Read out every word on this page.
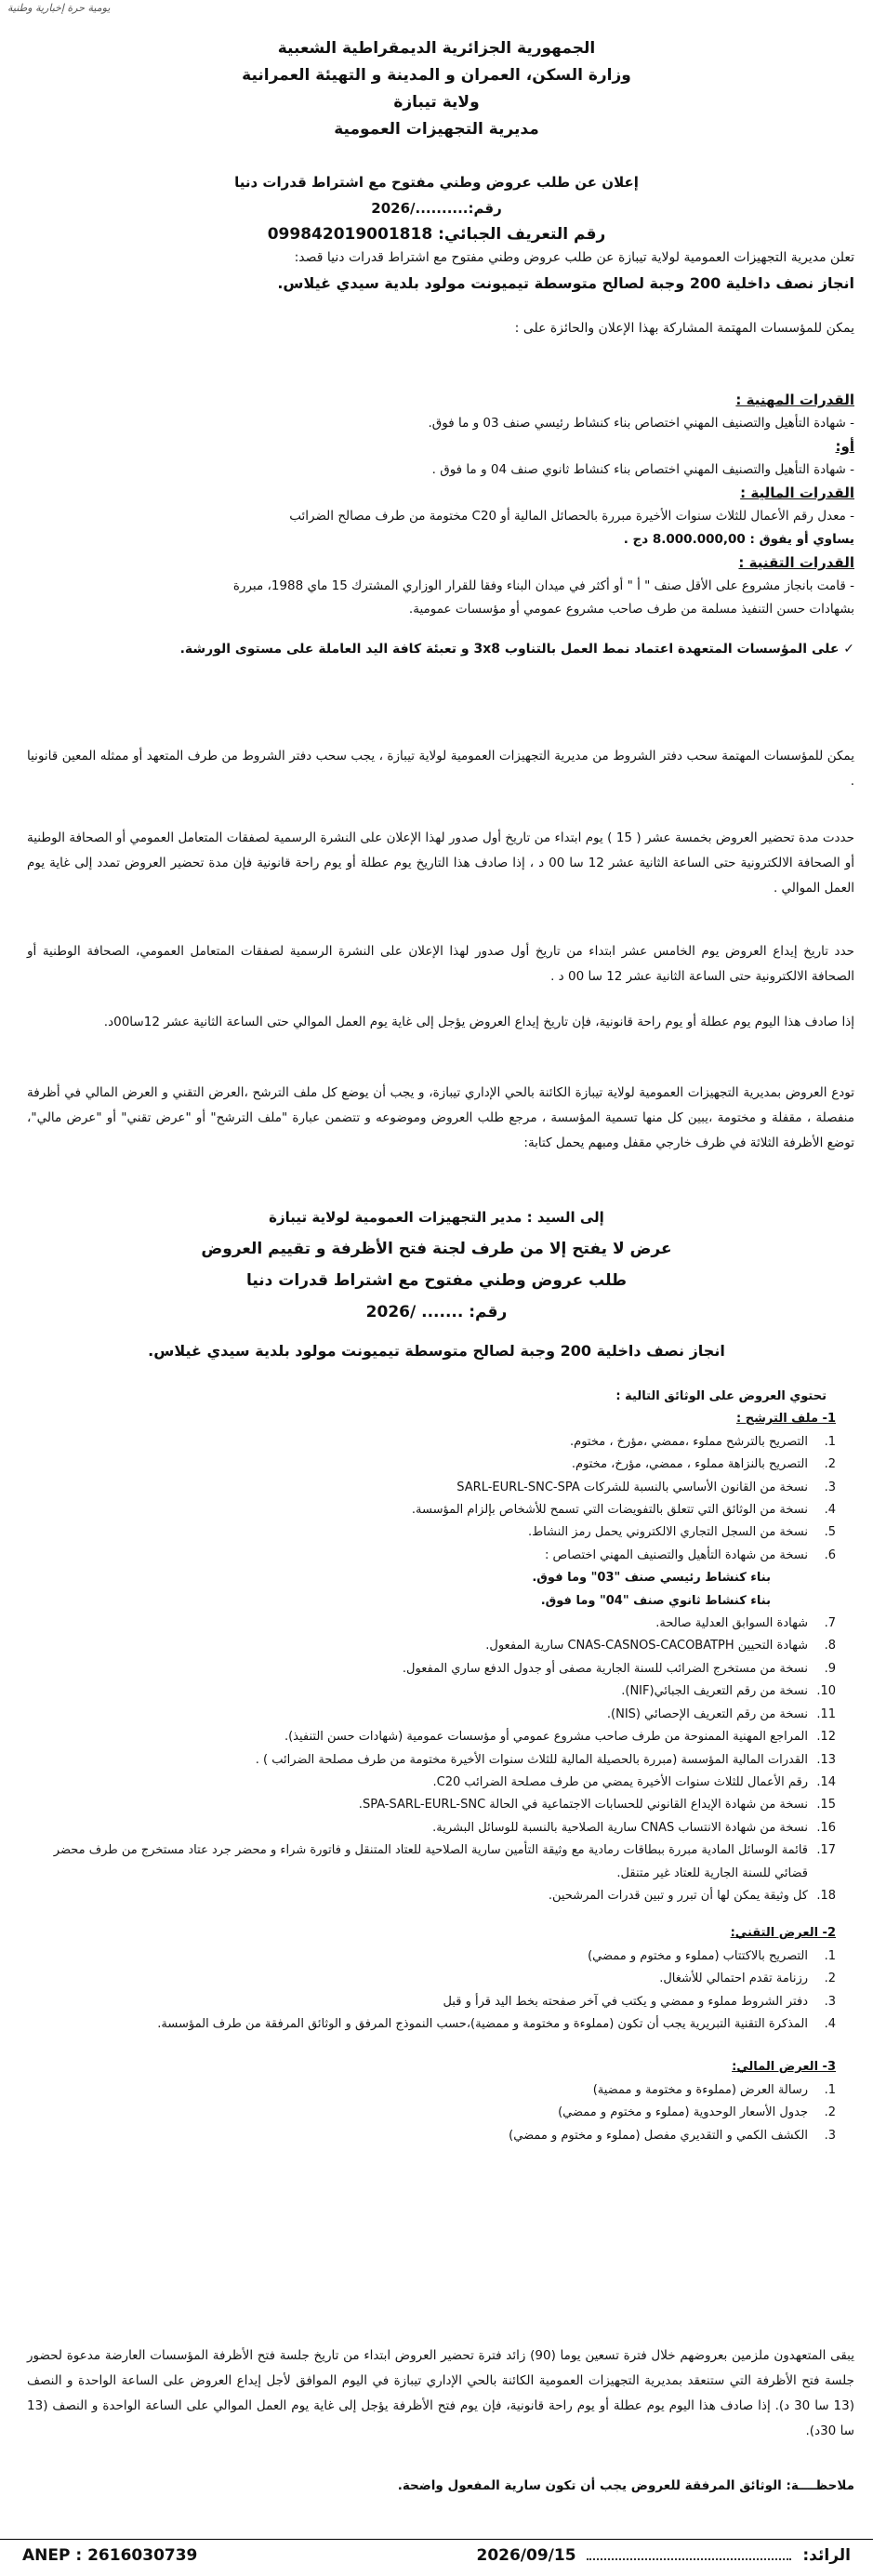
يومية حرة إخبارية وطنية
الجمهورية الجزائرية الديمقراطية الشعبية
وزارة السكن، العمران و المدينة و التهيئة العمرانية
ولاية تيبازة
مديرية التجهيزات العمومية
إعلان عن طلب عروض وطني مفتوح مع اشتراط قدرات دنيا
رقم:........../2026
رقم التعريف الجبائي: 099842019001818
تعلن مديرية التجهيزات العمومية لولاية تيبازة عن طلب عروض وطني مفتوح مع اشتراط قدرات دنيا قصد:
انجاز نصف داخلية 200 وجبة لصالح متوسطة تيميونت مولود بلدية سيدي غيلاس.
يمكن للمؤسسات المهتمة المشاركة بهذا الإعلان والحائزة على :
القدرات المهنية :
- شهادة التأهيل والتصنيف المهني اختصاص بناء كنشاط رئيسي صنف 03 و ما فوق.
أو:
- شهادة التأهيل والتصنيف المهني اختصاص بناء كنشاط ثانوي صنف 04 و ما فوق .
القدرات المالية :
- معدل رقم الأعمال للثلاث سنوات الأخيرة مبررة بالحصائل المالية أو C20 مختومة من طرف مصالح الضرائب
يساوي أو يفوق : 8.000.000,00 دج .
القدرات التقنية :
- قامت بانجاز مشروع على الأقل صنف " أ " أو أكثر في ميدان البناء وفقا للقرار الوزاري المشترك 15 ماي 1988، مبررة
بشهادات حسن التنفيذ مسلمة من طرف صاحب مشروع عمومي أو مؤسسات عمومية.
✓ على المؤسسات المتعهدة اعتماد نمط العمل بالتناوب 3x8 و تعبئة كافة اليد العاملة على مستوى الورشة.
يمكن للمؤسسات المهتمة سحب دفتر الشروط من مديرية التجهيزات العمومية لولاية تيبازة ، يجب سحب دفتر الشروط من طرف المتعهد أو ممثله المعين قانونيا .
حددت مدة تحضير العروض بخمسة عشر ( 15 ) يوم ابتداء من تاريخ أول صدور لهذا الإعلان على النشرة الرسمية لصفقات المتعامل العمومي أو الصحافة الوطنية أو الصحافة الالكترونية حتى الساعة الثانية عشر 12 سا 00 د ، إذا صادف هذا التاريخ يوم عطلة أو يوم راحة قانونية فإن مدة تحضير العروض تمدد إلى غاية يوم العمل الموالي .
حدد تاريخ إيداع العروض يوم الخامس عشر ابتداء من تاريخ أول صدور لهذا الإعلان على النشرة الرسمية لصفقات المتعامل العمومي، الصحافة الوطنية أو الصحافة الالكترونية حتى الساعة الثانية عشر 12 سا 00 د .
إذا صادف هذا اليوم يوم عطلة أو يوم راحة قانونية، فإن تاريخ إيداع العروض يؤجل إلى غاية يوم العمل الموالي حتى الساعة الثانية عشر 12سا00د.
تودع العروض بمديرية التجهيزات العمومية لولاية تيبازة الكائنة بالحي الإداري تيبازة، و يجب أن يوضع كل ملف الترشح ،العرض التقني و العرض المالي في أظرفة منفصلة ، مقفلة و مختومة ،يبين كل منها تسمية المؤسسة ، مرجع طلب العروض وموضوعه و تتضمن عبارة "ملف الترشح" أو "عرض تقني" أو "عرض مالي"، توضع الأظرفة الثلاثة في ظرف خارجي مقفل ومبهم يحمل كتابة:
إلى السيد : مدير التجهيزات العمومية لولاية تيبازة
عرض لا يفتح إلا من طرف لجنة فتح الأظرفة و تقييم العروض
طلب عروض وطني مفتوح مع اشتراط قدرات دنيا
رقم: ....... /2026
انجاز نصف داخلية 200 وجبة لصالح متوسطة تيميونت مولود بلدية سيدي غيلاس.
تحتوي العروض على الوثائق التالية :
1- ملف الترشح :
1.
التصريح بالترشح مملوء ،ممضي ،مؤرخ ، مختوم.
2.
التصريح بالنزاهة مملوء ، ممضي، مؤرخ، مختوم.
3.
نسخة من القانون الأساسي بالنسبة للشركات SARL-EURL-SNC-SPA
4.
نسخة من الوثائق التي تتعلق بالتفويضات التي تسمح للأشخاص بإلزام المؤسسة.
5.
نسخة من السجل التجاري الالكتروني يحمل رمز النشاط.
6.
نسخة من شهادة التأهيل والتصنيف المهني اختصاص :
بناء كنشاط رئيسي صنف "03" وما فوق.
بناء كنشاط ثانوي صنف "04" وما فوق.
7.
شهادة السوابق العدلية صالحة.
8.
شهادة التحيين CNAS-CASNOS-CACOBATPH سارية المفعول.
9.
نسخة من مستخرج الضرائب للسنة الجارية مصفى أو جدول الدفع ساري المفعول.
10.
نسخة من رقم التعريف الجبائي(NIF).
11.
نسخة من رقم التعريف الإحصائي (NIS).
12.
المراجع المهنية الممنوحة من طرف صاحب مشروع عمومي أو مؤسسات عمومية (شهادات حسن التنفيذ).
13.
القدرات المالية المؤسسة (مبررة بالحصيلة المالية للثلاث سنوات الأخيرة مختومة من طرف مصلحة الضرائب ) .
14.
رقم الأعمال للثلاث سنوات الأخيرة يمضي من طرف مصلحة الضرائب C20.
15.
نسخة من شهادة الإيداع القانوني للحسابات الاجتماعية في الحالة SPA-SARL-EURL-SNC.
16.
نسخة من شهادة الانتساب CNAS سارية الصلاحية بالنسبة للوسائل البشرية.
17.
قائمة الوسائل المادية مبررة ببطاقات رمادية مع وثيقة التأمين سارية الصلاحية للعتاد المتنقل و فاتورة شراء و محضر جرد عتاد مستخرج من طرف محضر قضائي للسنة الجارية للعتاد غير متنقل.
18.
كل وثيقة يمكن لها أن تبرر و تبين قدرات المرشحين.
2- العرض التقني:
1.
التصريح بالاكتتاب (مملوء و مختوم و ممضي)
2.
رزنامة تقدم احتمالي للأشغال.
3.
دفتر الشروط مملوء و ممضي و يكتب في آخر صفحته بخط اليد قرأ و قبل
4.
المذكرة التقنية التبريرية يجب أن تكون (مملوءة و مختومة و ممضية)،حسب النموذج المرفق و الوثائق المرفقة من طرف المؤسسة.
3- العرض المالي:
1.
رسالة العرض (مملوءة و مختومة و ممضية)
2.
جدول الأسعار الوحدوية (مملوء و مختوم و ممضي)
3.
الكشف الكمي و التقديري مفصل (مملوء و مختوم و ممضي)
يبقى المتعهدون ملزمين بعروضهم خلال فترة تسعين يوما (90) زائد فترة تحضير العروض ابتداء من تاريخ جلسة فتح الأظرفة المؤسسات العارضة مدعوة لحضور جلسة فتح الأظرفة التي ستنعقد بمديرية التجهيزات العمومية الكائنة بالحي الإداري تيبازة في اليوم الموافق لأجل إيداع العروض على الساعة الواحدة و النصف (13 سا 30 د). إذا صادف هذا اليوم يوم عطلة أو يوم راحة قانونية، فإن يوم فتح الأظرفة يؤجل إلى غاية يوم العمل الموالي على الساعة الواحدة و النصف (13 سا 30د).
ملاحظــــة: الوثائق المرفقة للعروض يجب أن تكون سارية المفعول واضحة.
ANEP : 2616030739	الرائد:  2026/09/15
